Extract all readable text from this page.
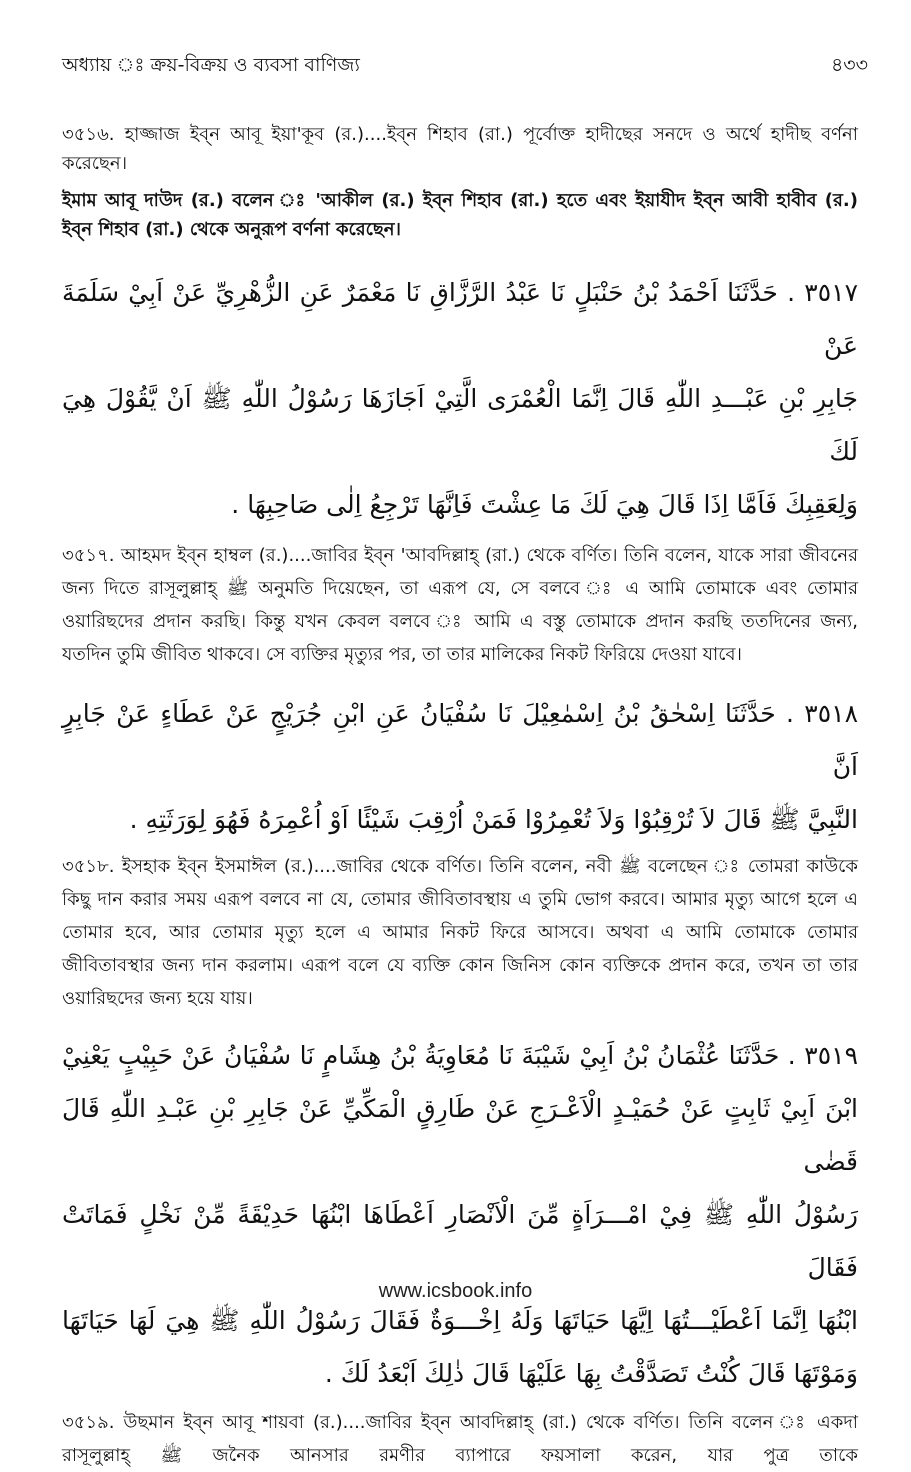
অধ্যায় ঃ ক্রয়-বিক্রয় ও ব্যবসা বাণিজ্য	৪৩৩

৩৫১৬. হাজ্জাজ ইব্‌ন আবূ ইয়া'কূব (র.)....ইব্‌ন শিহাব (রা.) পূর্বোক্ত হাদীছের সনদে ও অর্থে হাদীছ বর্ণনা করেছেন।

ইমাম আবূ দাউদ (র.) বলেন ঃ 'আকীল (র.) ইব্‌ন শিহাব (রা.) হতে এবং ইয়াযীদ ইব্‌ন আবী হাবীব (র.) ইব্‌ন শিহাব (রা.) থেকে অনুরূপ বর্ণনা করেছেন।

٣٥١٧ . حَدَّثَنَا اَحْمَدُ بْنُ حَنْبَلٍ نَا عَبْدُ الرَّزَّاقِ نَا مَعْمَرٌ عَنِ الزُّهْرِيِّ عَنْ اَبِيْ سَلَمَةَ عَنْ
جَابِرِ بْنِ عَبْـــدِ اللّٰهِ قَالَ اِنَّمَا الْعُمْرَى الَّتِيْ اَجَازَهَا رَسُوْلُ اللّٰهِ ﷺ اَنْ يَّقُوْلَ هِيَ لَكَ
وَلِعَقِبِكَ فَاَمَّا اِذَا قَالَ هِيَ لَكَ مَا عِشْتَ فَاِنَّهَا تَرْجِعُ اِلٰى صَاحِبِهَا .

৩৫১৭. আহমদ ইব্‌ন হাম্বল (র.)....জাবির ইব্‌ন 'আবদিল্লাহ্ (রা.) থেকে বর্ণিত। তিনি বলেন, যাকে সারা জীবনের জন্য দিতে রাসূলুল্লাহ্ ﷺ অনুমতি দিয়েছেন, তা এরূপ যে, সে বলবে ঃ এ আমি তোমাকে এবং তোমার ওয়ারিছদের প্রদান করছি। কিন্তু যখন কেবল বলবে ঃ আমি এ বস্তু তোমাকে প্রদান করছি ততদিনের জন্য, যতদিন তুমি জীবিত থাকবে। সে ব্যক্তির মৃত্যুর পর, তা তার মালিকের নিকট ফিরিয়ে দেওয়া যাবে।

٣٥١٨ . حَدَّثَنَا اِسْحٰقُ بْنُ اِسْمٰعِيْلَ نَا سُفْيَانُ عَنِ ابْنِ جُرَيْجٍ عَنْ عَطَاءٍ عَنْ جَابِرٍ اَنَّ
النَّبِيَّ ﷺ قَالَ لاَ تُرْقِبُوْا وَلاَ تُعْمِرُوْا فَمَنْ اُرْقِبَ شَيْئًا اَوْ اُعْمِرَهُ فَهُوَ لِوَرَثَتِهِ .

৩৫১৮. ইসহাক ইব্‌ন ইসমাঈল (র.)....জাবির থেকে বর্ণিত। তিনি বলেন, নবী ﷺ বলেছেন ঃ তোমরা কাউকে কিছু দান করার সময় এরূপ বলবে না যে, তোমার জীবিতাবস্থায় এ তুমি ভোগ করবে। আমার মৃত্যু আগে হলে এ তোমার হবে, আর তোমার মৃত্যু হলে এ আমার নিকট ফিরে আসবে। অথবা এ আমি তোমাকে তোমার জীবিতাবস্থার জন্য দান করলাম। এরূপ বলে যে ব্যক্তি কোন জিনিস কোন ব্যক্তিকে প্রদান করে, তখন তা তার ওয়ারিছদের জন্য হয়ে যায়।

٣٥١٩ . حَدَّثَنَا عُثْمَانُ بْنُ اَبِيْ شَيْبَةَ نَا مُعَاوِيَةُ بْنُ هِشَامٍ نَا سُفْيَانُ عَنْ حَبِيْبٍ يَعْنِيْ
ابْنَ اَبِيْ ثَابِتٍ عَنْ حُمَيْـدٍ الْاَعْـرَجِ عَنْ طَارِقٍ الْمَكِّيِّ عَنْ جَابِرِ بْنِ عَبْـدِ اللّٰهِ قَالَ قَضٰى
رَسُوْلُ اللّٰهِ ﷺ فِيْ امْـــرَاَةٍ مِّنَ الْاَنْصَارِ اَعْطَاهَا ابْنُهَا حَدِيْقَةً مِّنْ نَخْلٍ فَمَاتَتْ فَقَالَ
ابْنُهَا اِنَّمَا اَعْطَيْـــتُهَا اِيَّهَا حَيَاتَهَا وَلَهُ اِخْـــوَةٌ فَقَالَ رَسُوْلُ اللّٰهِ ﷺ هِيَ لَهَا حَيَاتَهَا
وَمَوْتَهَا قَالَ كُنْتُ تَصَدَّقْتُ بِهَا عَلَيْهَا قَالَ ذٰلِكَ اَبْعَدُ لَكَ .

৩৫১৯. উছমান ইব্‌ন আবূ শায়বা (র.)....জাবির ইব্‌ন আবদিল্লাহ্ (রা.) থেকে বর্ণিত। তিনি বলেন ঃ একদা রাসূলুল্লাহ্ ﷺ জনৈক আনসার রমণীর ব্যাপারে ফয়সালা করেন, যার পুত্র তাকে

www.icsbook.info
